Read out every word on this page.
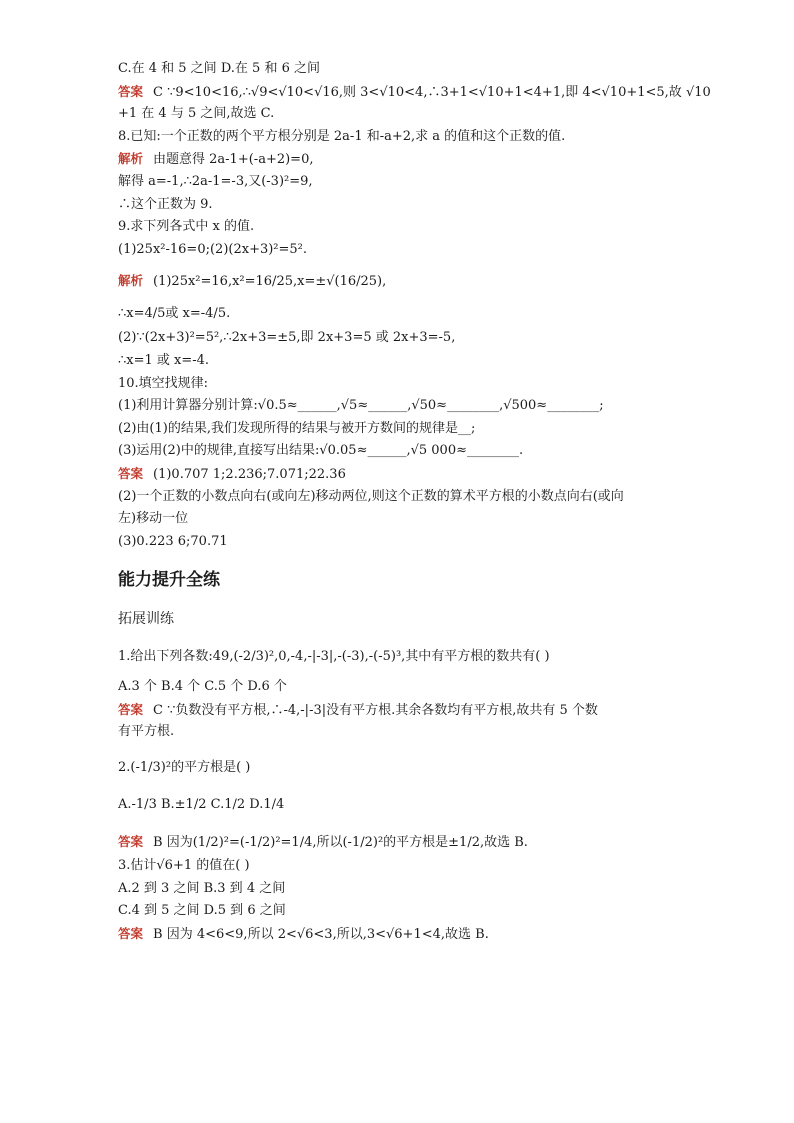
C.在 4 和 5 之间 D.在 5 和 6 之间
答案 C ∵9<10<16,∴√9<√10<√16,则 3<√10<4,∴3+1<√10+1<4+1,即 4<√10+1<5,故 √10
+1 在 4 与 5 之间,故选 C.
8.已知:一个正数的两个平方根分别是 2a-1 和-a+2,求 a 的值和这个正数的值.
解析 由题意得 2a-1+(-a+2)=0,
解得 a=-1,∴2a-1=-3,又(-3)²=9,
∴这个正数为 9.
9.求下列各式中 x 的值.
(1)25x²-16=0;(2)(2x+3)²=5².
解析 (1)25x²=16,x²=16/25,x=±√(16/25),
∴x=4/5或 x=-4/5.
(2)∵(2x+3)²=5²,∴2x+3=±5,即 2x+3=5 或 2x+3=-5,
∴x=1 或 x=-4.
10.填空找规律:
(1)利用计算器分别计算:√0.5≈______,√5≈______,√50≈________,√500≈________;
(2)由(1)的结果,我们发现所得的结果与被开方数间的规律是__;
(3)运用(2)中的规律,直接写出结果:√0.05≈______,√5 000≈________.
答案 (1)0.707 1;2.236;7.071;22.36
(2)一个正数的小数点向右(或向左)移动两位,则这个正数的算术平方根的小数点向右(或向
左)移动一位
(3)0.223 6;70.71
能力提升全练
拓展训练
1.给出下列各数:49,(-2/3)²,0,-4,-|-3|,-(-3),-(-5)³,其中有平方根的数共有( )
A.3 个 B.4 个 C.5 个 D.6 个
答案 C ∵负数没有平方根,∴-4,-|-3|没有平方根.其余各数均有平方根,故共有 5 个数
有平方根.
2.(-1/3)²的平方根是( )
A.-1/3 B.±1/2 C.1/2 D.1/4
答案 B 因为(1/2)²=(-1/2)²=1/4,所以(-1/2)²的平方根是±1/2,故选 B.
3.估计√6+1 的值在( )
A.2 到 3 之间 B.3 到 4 之间
C.4 到 5 之间 D.5 到 6 之间
答案 B 因为 4<6<9,所以 2<√6<3,所以,3<√6+1<4,故选 B.
